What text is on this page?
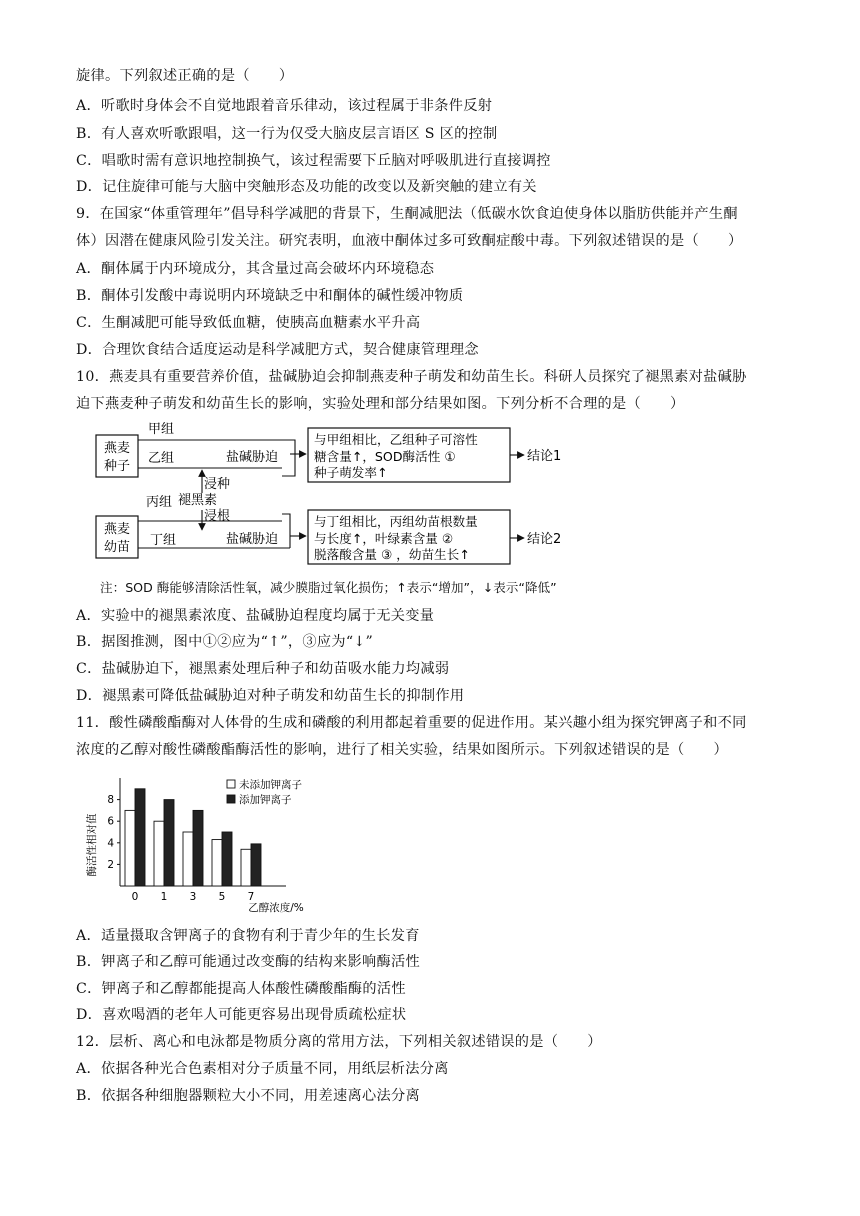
旋律。下列叙述正确的是（　　）
A．听歌时身体会不自觉地跟着音乐律动，该过程属于非条件反射
B．有人喜欢听歌跟唱，这一行为仅受大脑皮层言语区 S 区的控制
C．唱歌时需有意识地控制换气，该过程需要下丘脑对呼吸肌进行直接调控
D．记住旋律可能与大脑中突触形态及功能的改变以及新突触的建立有关
9．在国家“体重管理年”倡导科学减肥的背景下，生酮减肥法（低碳水饮食迫使身体以脂肪供能并产生酮
体）因潜在健康风险引发关注。研究表明，血液中酮体过多可致酮症酸中毒。下列叙述错误的是（　　）
A．酮体属于内环境成分，其含量过高会破坏内环境稳态
B．酮体引发酸中毒说明内环境缺乏中和酮体的碱性缓冲物质
C．生酮减肥可能导致低血糖，使胰高血糖素水平升高
D．合理饮食结合适度运动是科学减肥方式，契合健康管理理念
10．燕麦具有重要营养价值，盐碱胁迫会抑制燕麦种子萌发和幼苗生长。科研人员探究了褪黑素对盐碱胁
迫下燕麦种子萌发和幼苗生长的影响，实验处理和部分结果如图。下列分析不合理的是（　　）
燕麦
种子
甲组
乙组	盐碱胁迫
与甲组相比，乙组种子可溶性
糖含量↑，SOD酶活性 ①
种子萌发率↑
结论1
浸种
褪黑素
浸根
丙组
燕麦
幼苗 丁组	盐碱胁迫
与丁组相比，丙组幼苗根数量
与长度↑，叶绿素含量 ②
脱落酸含量 ③ ，幼苗生长↑
结论2
注：SOD 酶能够清除活性氧，减少膜脂过氧化损伤；↑表示“增加”，↓表示“降低”
A．实验中的褪黑素浓度、盐碱胁迫程度均属于无关变量
B．据图推测，图中①②应为“↑”，③应为“↓”
C．盐碱胁迫下，褪黑素处理后种子和幼苗吸水能力均减弱
D．褪黑素可降低盐碱胁迫对种子萌发和幼苗生长的抑制作用
11．酸性磷酸酯酶对人体骨的生成和磷酸的利用都起着重要的促进作用。某兴趣小组为探究钾离子和不同
浓度的乙醇对酸性磷酸酯酶活性的影响，进行了相关实验，结果如图所示。下列叙述错误的是（　　）
酶活性相对值 2
4
6
8
0 1 3 5 7
乙醇浓度/%
未添加钾离子
添加钾离子
A．适量摄取含钾离子的食物有利于青少年的生长发育
B．钾离子和乙醇可能通过改变酶的结构来影响酶活性
C．钾离子和乙醇都能提高人体酸性磷酸酯酶的活性
D．喜欢喝酒的老年人可能更容易出现骨质疏松症状
12．层析、离心和电泳都是物质分离的常用方法，下列相关叙述错误的是（　　）
A．依据各种光合色素相对分子质量不同，用纸层析法分离
B．依据各种细胞器颗粒大小不同，用差速离心法分离
